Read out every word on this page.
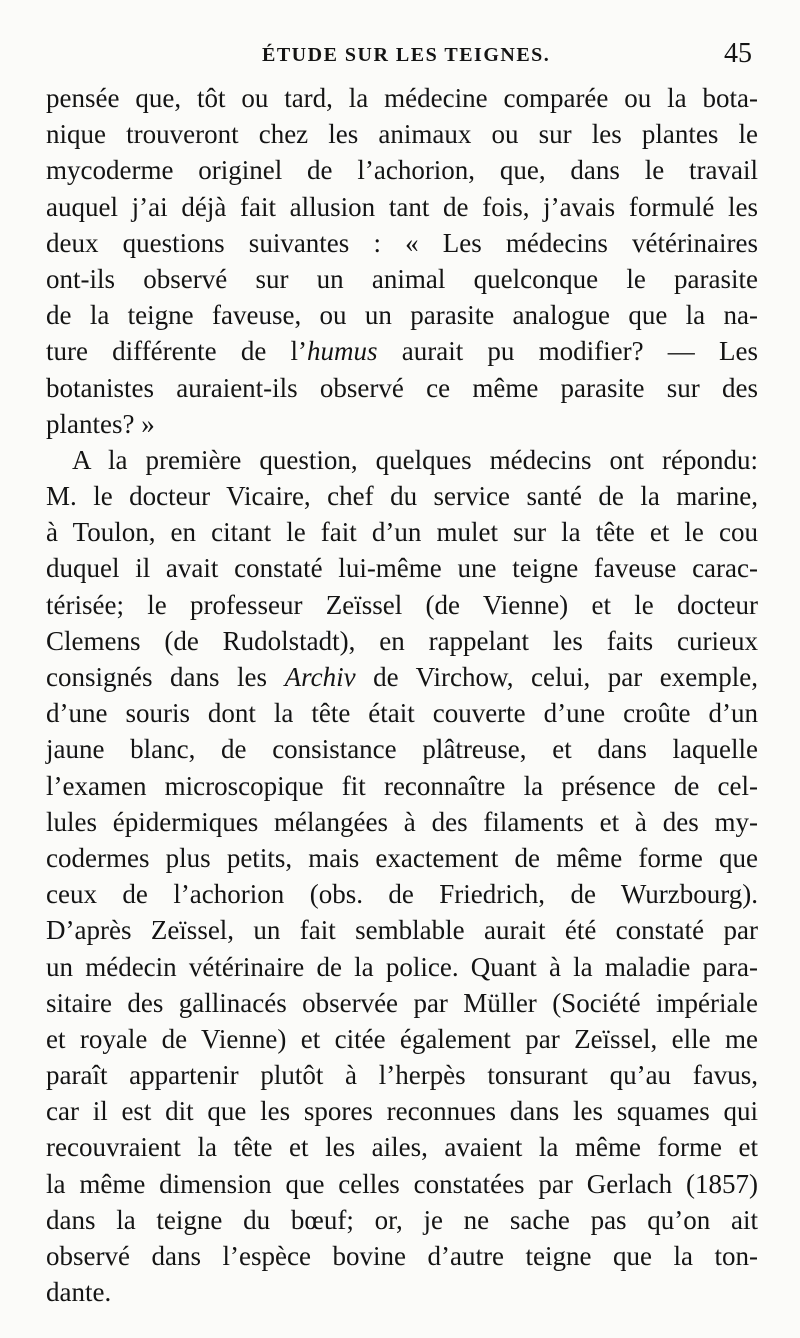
ÉTUDE SUR LES TEIGNES.	45
pensée que, tôt ou tard, la médecine comparée ou la bota-
nique trouveront chez les animaux ou sur les plantes le
mycoderme originel de l’achorion, que, dans le travail
auquel j’ai déjà fait allusion tant de fois, j’avais formulé les
deux questions suivantes : « Les médecins vétérinaires
ont-ils observé sur un animal quelconque le parasite
de la teigne faveuse, ou un parasite analogue que la na-
ture différente de l’humus aurait pu modifier? — Les
botanistes auraient-ils observé ce même parasite sur des
plantes? »
A la première question, quelques médecins ont répondu:
M. le docteur Vicaire, chef du service santé de la marine,
à Toulon, en citant le fait d’un mulet sur la tête et le cou
duquel il avait constaté lui-même une teigne faveuse carac-
térisée; le professeur Zeïssel (de Vienne) et le docteur
Clemens (de Rudolstadt), en rappelant les faits curieux
consignés dans les Archiv de Virchow, celui, par exemple,
d’une souris dont la tête était couverte d’une croûte d’un
jaune blanc, de consistance plâtreuse, et dans laquelle
l’examen microscopique fit reconnaître la présence de cel-
lules épidermiques mélangées à des filaments et à des my-
codermes plus petits, mais exactement de même forme que
ceux de l’achorion (obs. de Friedrich, de Wurzbourg).
D’après Zeïssel, un fait semblable aurait été constaté par
un médecin vétérinaire de la police. Quant à la maladie para-
sitaire des gallinacés observée par Müller (Société impériale
et royale de Vienne) et citée également par Zeïssel, elle me
paraît appartenir plutôt à l’herpès tonsurant qu’au favus,
car il est dit que les spores reconnues dans les squames qui
recouvraient la tête et les ailes, avaient la même forme et
la même dimension que celles constatées par Gerlach (1857)
dans la teigne du bœuf; or, je ne sache pas qu’on ait
observé dans l’espèce bovine d’autre teigne que la ton-
dante.
